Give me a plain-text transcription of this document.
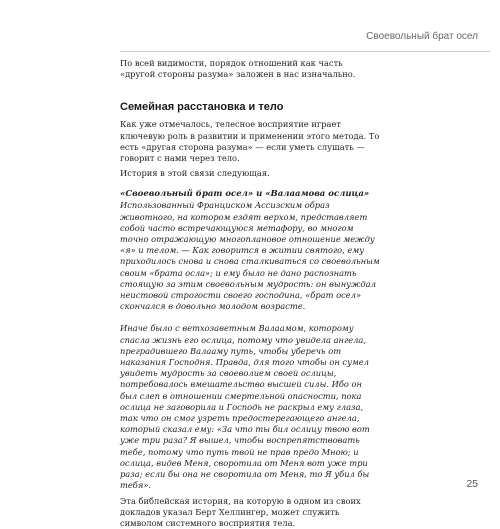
Своевольный брат осел

По всей видимости, порядок отношений как часть «другой стороны разума» заложен в нас изначально.

Семейная расстановка и тело

Как уже отмечалось, телесное восприятие играет ключевую роль в развитии и применении этого метода. То есть «другая сторона разума» — если уметь слушать — говорит с нами через тело.

История в этой связи следующая.

«Своевольный брат осел» и «Валаамова ослица»

Использованный Франциском Ассизским образ животного, на котором ездят верхом, представляет собой часто встречающуюся метафору, во многом точно отражающую многоплановое отношение между «я» и телом. — Как говорится в житии святого, ему приходилось снова и снова сталкиваться со своевольным своим «брата осла»; и ему было не дано распознать стоящую за этим своевольным мудрость: он вынуждал неистовой строгости своего господина, «брат осел» скончался в довольно молодом возрасте.

Иначе было с ветхозаветным Валаамом, которому спасла жизнь его ослица, потому что увидела ангела, преградившего Валааму путь, чтобы уберечь от наказания Господня. Правда, для того чтобы он сумел увидеть мудрость за своеволием своей ослицы, потребовалось вмешательство высшей силы. Ибо он был слеп в отношении смертельной опасности, пока ослица не заговорила и Господь не раскрыл ему глаза, так что он смог узреть предостерегающего ангела, который сказал ему: «За что ты бил ослицу твою вот уже три раза? Я вышел, чтобы воспрепятствовать тебе, потому что путь твой не прав предо Мною; и ослица, видев Меня, своротила от Меня вот уже три раза; если бы она не своротила от Меня, то Я убил бы тебя».

Эта библейская история, на которую в одном из своих докладов указал Берт Хеллингер, может служить символом системного восприятия тела.

25
